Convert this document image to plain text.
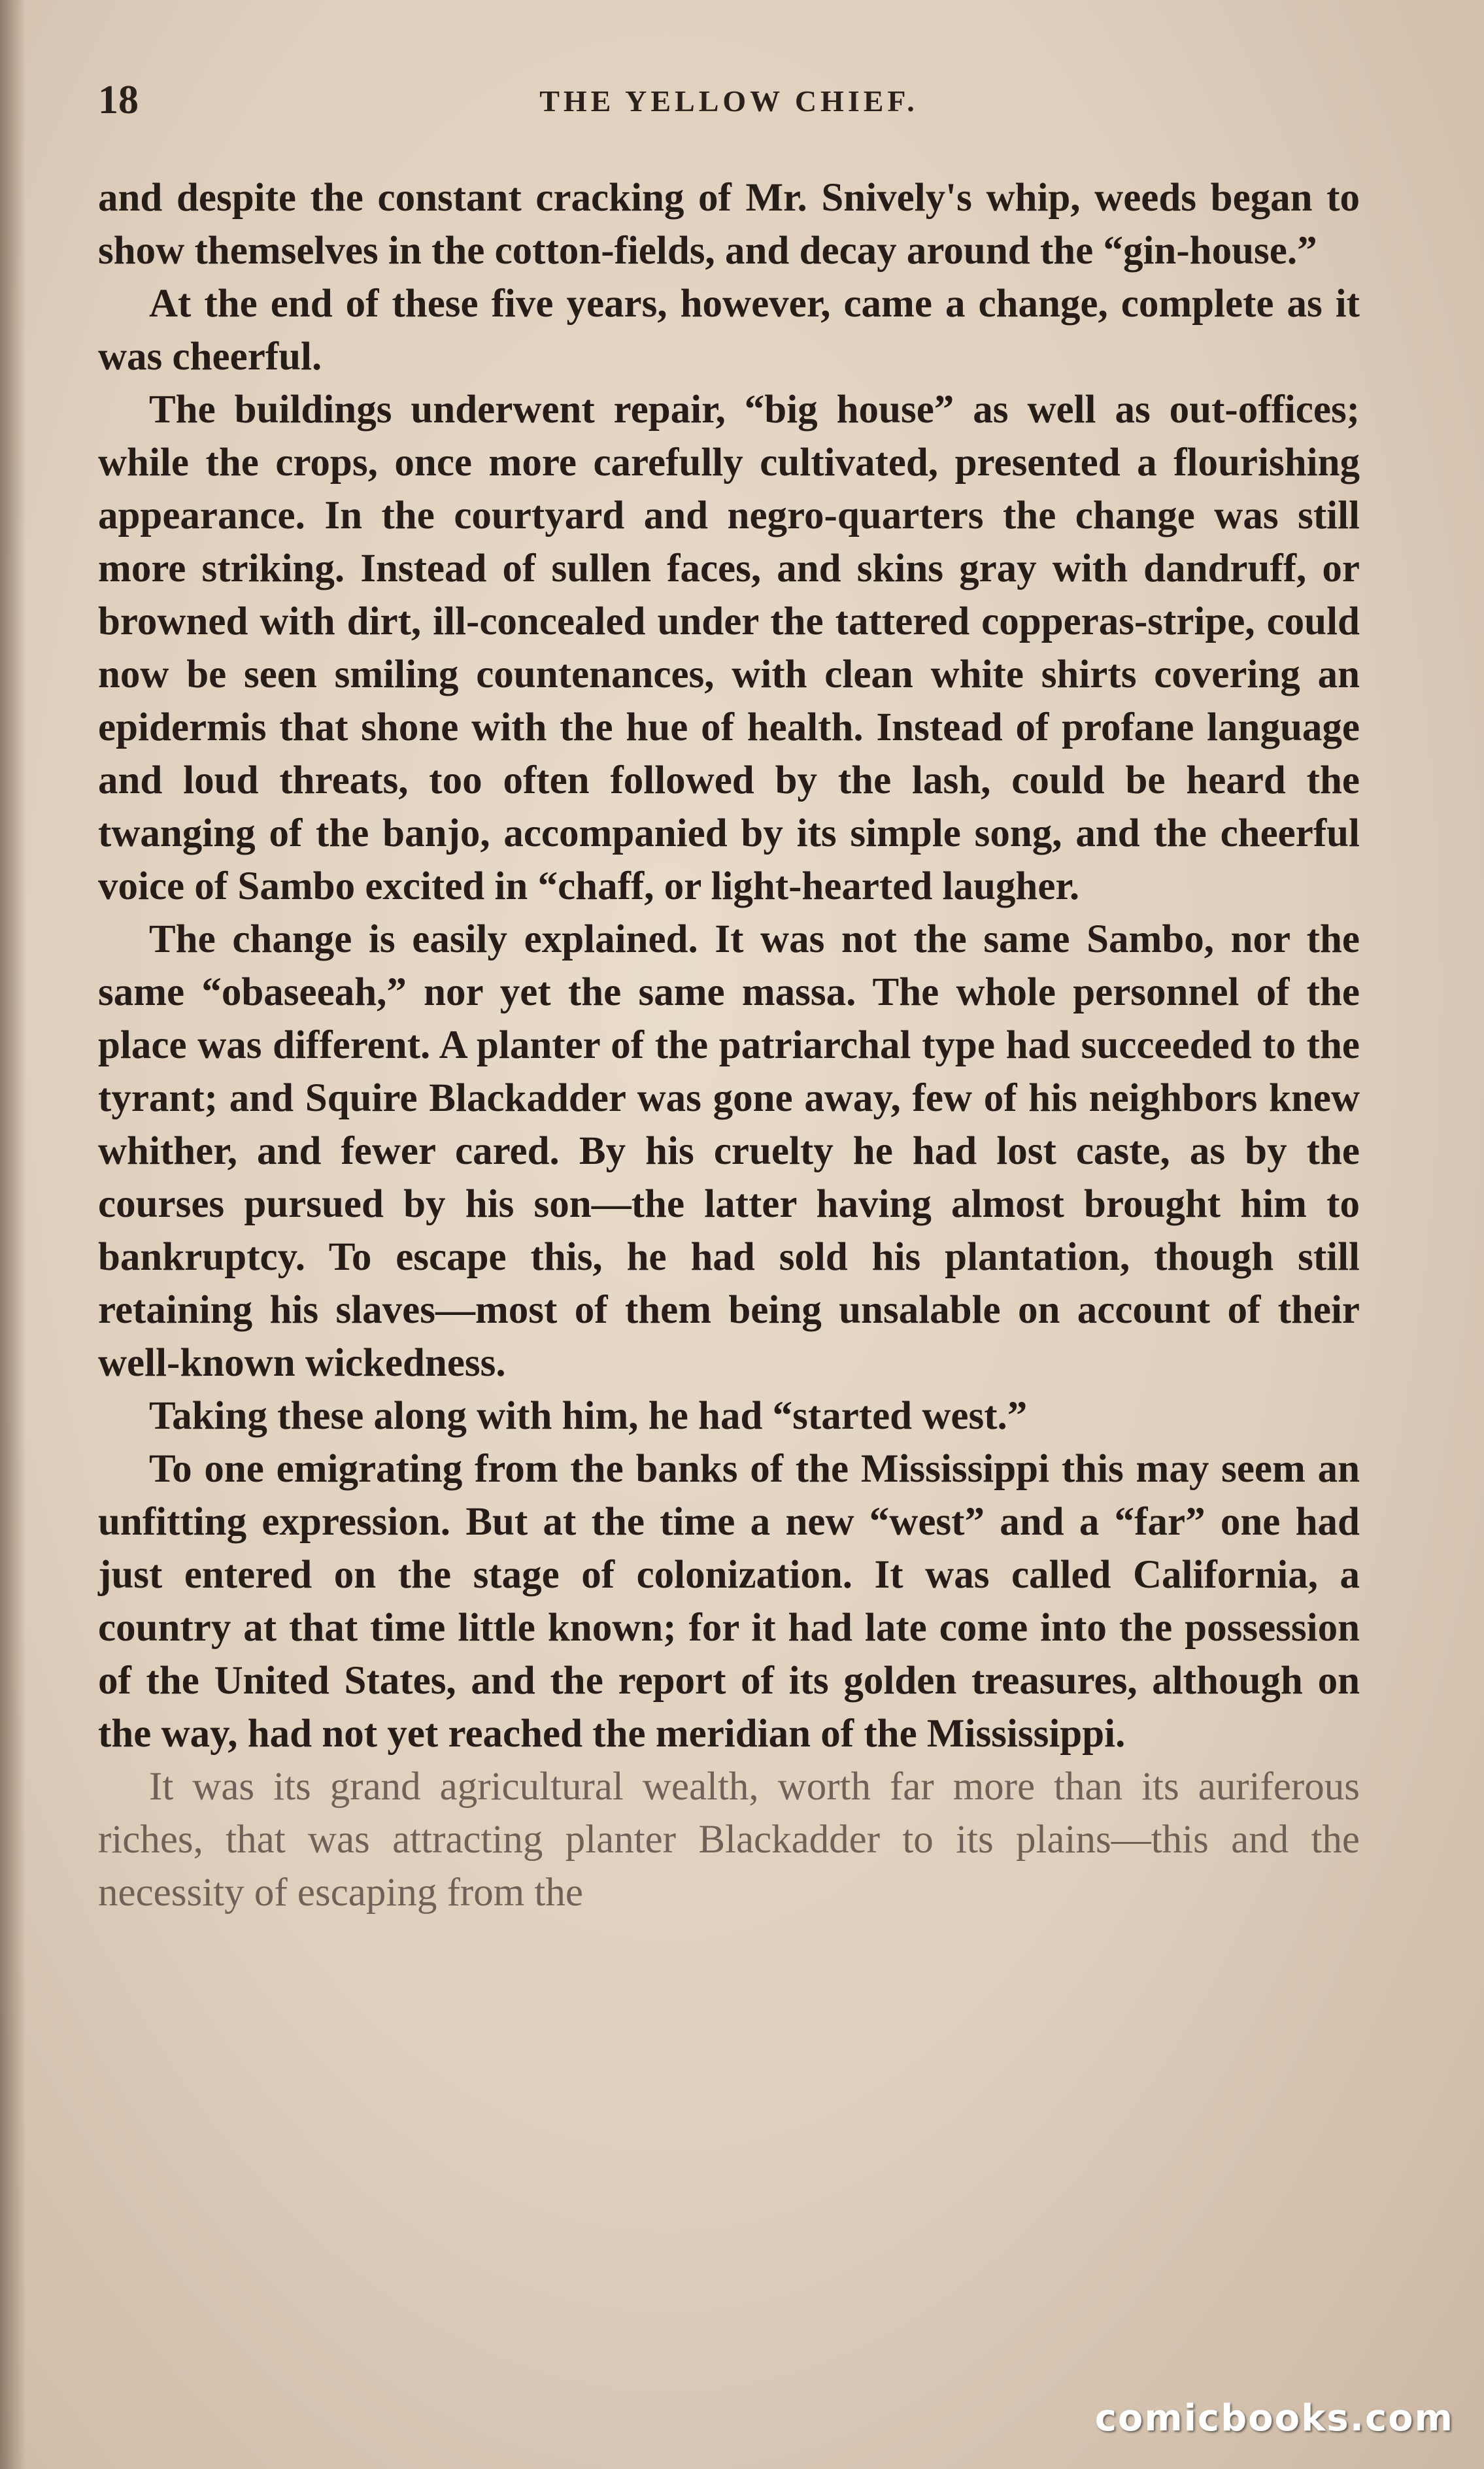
18	THE YELLOW CHIEF.

and despite the constant cracking of Mr. Snively's whip, weeds began to show themselves in the cotton-fields, and decay around the “gin-house.”

At the end of these five years, however, came a change, complete as it was cheerful.

The buildings underwent repair, “big house” as well as out-offices; while the crops, once more carefully cultivated, presented a flourishing appearance. In the courtyard and negro-quarters the change was still more striking. Instead of sullen faces, and skins gray with dandruff, or browned with dirt, ill-concealed under the tattered copperas-stripe, could now be seen smiling countenances, with clean white shirts covering an epidermis that shone with the hue of health. Instead of profane language and loud threats, too often followed by the lash, could be heard the twanging of the banjo, accompanied by its simple song, and the cheerful voice of Sambo excited in “chaff, or light-hearted laugher.

The change is easily explained. It was not the same Sambo, nor the same “obaseeah,” nor yet the same massa. The whole personnel of the place was different. A planter of the patriarchal type had succeeded to the tyrant; and Squire Blackadder was gone away, few of his neighbors knew whither, and fewer cared. By his cruelty he had lost caste, as by the courses pursued by his son—the latter having almost brought him to bankruptcy. To escape this, he had sold his plantation, though still retaining his slaves—most of them being unsalable on account of their well-known wickedness.

Taking these along with him, he had “started west.”

To one emigrating from the banks of the Mississippi this may seem an unfitting expression. But at the time a new “west” and a “far” one had just entered on the stage of colonization. It was called California, a country at that time little known; for it had late come into the possession of the United States, and the report of its golden treasures, although on the way, had not yet reached the meridian of the Mississippi.

It was its grand agricultural wealth, worth far more than its auriferous riches, that was attracting planter Blackadder to its plains—this and the necessity of escaping from the

comicbooks.com
